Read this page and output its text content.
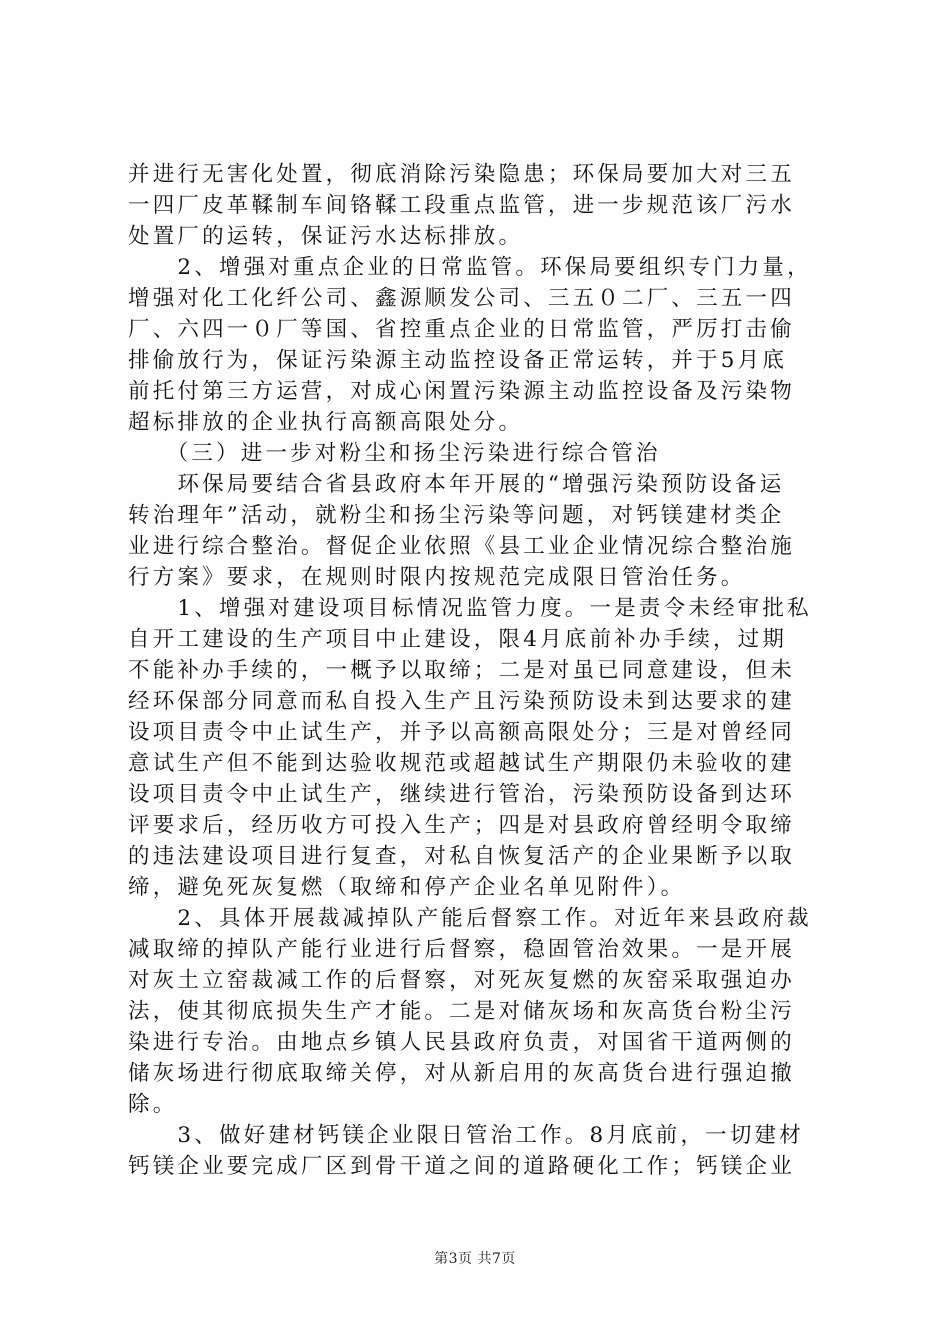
并进行无害化处置，彻底消除污染隐患；环保局要加大对三五

一四厂皮革鞣制车间铬鞣工段重点监管，进一步规范该厂污水

处置厂的运转，保证污水达标排放。

　　2、增强对重点企业的日常监管。环保局要组织专门力量，

增强对化工化纤公司、鑫源顺发公司、三五０二厂、三五一四

厂、六四一０厂等国、省控重点企业的日常监管，严厉打击偷

排偷放行为，保证污染源主动监控设备正常运转，并于5月底

前托付第三方运营，对成心闲置污染源主动监控设备及污染物

超标排放的企业执行高额高限处分。

　　（三）进一步对粉尘和扬尘污染进行综合管治

　　环保局要结合省县政府本年开展的“增强污染预防设备运

转治理年”活动，就粉尘和扬尘污染等问题，对钙镁建材类企

业进行综合整治。督促企业依照《县工业企业情况综合整治施

行方案》要求，在规则时限内按规范完成限日管治任务。

　　1、增强对建设项目标情况监管力度。一是责令未经审批私

自开工建设的生产项目中止建设，限4月底前补办手续，过期

不能补办手续的，一概予以取缔；二是对虽已同意建设，但未

经环保部分同意而私自投入生产且污染预防设未到达要求的建

设项目责令中止试生产，并予以高额高限处分；三是对曾经同

意试生产但不能到达验收规范或超越试生产期限仍未验收的建

设项目责令中止试生产，继续进行管治，污染预防设备到达环

评要求后，经历收方可投入生产；四是对县政府曾经明令取缔

的违法建设项目进行复查，对私自恢复活产的企业果断予以取

缔，避免死灰复燃（取缔和停产企业名单见附件）。

　　2、具体开展裁减掉队产能后督察工作。对近年来县政府裁

减取缔的掉队产能行业进行后督察，稳固管治效果。一是开展

对灰土立窑裁减工作的后督察，对死灰复燃的灰窑采取强迫办

法，使其彻底损失生产才能。二是对储灰场和灰高货台粉尘污

染进行专治。由地点乡镇人民县政府负责，对国省干道两侧的

储灰场进行彻底取缔关停，对从新启用的灰高货台进行强迫撤

除。

　　3、做好建材钙镁企业限日管治工作。8月底前，一切建材

钙镁企业要完成厂区到骨干道之间的道路硬化工作；钙镁企业

第3页 共7页
